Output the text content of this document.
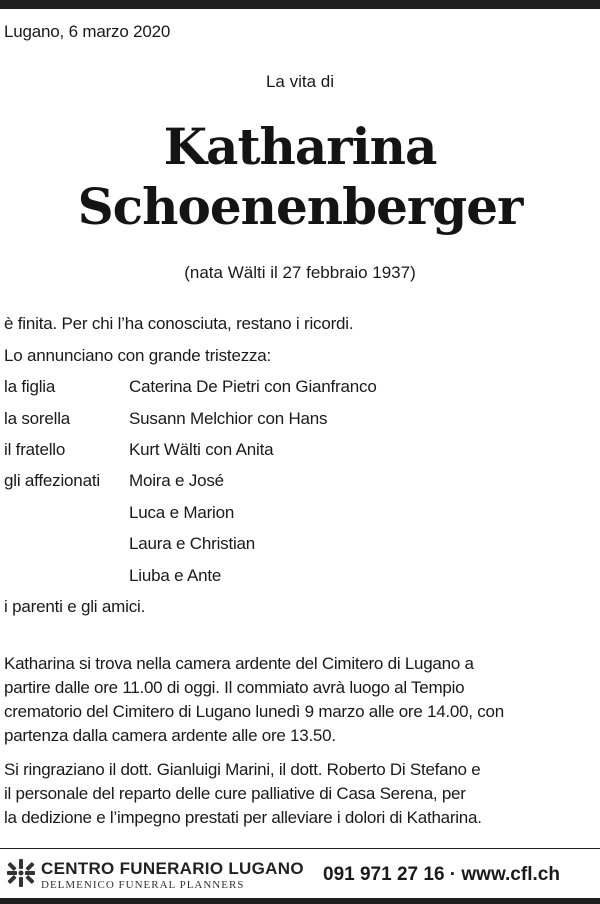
Lugano, 6 marzo 2020
La vita di
Katharina
Schoenenberger
(nata Wälti il 27 febbraio 1937)
è finita. Per chi l’ha conosciuta, restano i ricordi.
Lo annunciano con grande tristezza:
la figlia	Caterina De Pietri con Gianfranco
la sorella	Susann Melchior con Hans
il fratello	Kurt Wälti con Anita
gli affezionati Moira e José
Luca e Marion
Laura e Christian
Liuba e Ante
i parenti e gli amici.
Katharina si trova nella camera ardente del Cimitero di Lugano a
partire dalle ore 11.00 di oggi. Il commiato avrà luogo al Tempio
crematorio del Cimitero di Lugano lunedì 9 marzo alle ore 14.00, con
partenza dalla camera ardente alle ore 13.50.
Si ringraziano il dott. Gianluigi Marini, il dott. Roberto Di Stefano e
il personale del reparto delle cure palliative di Casa Serena, per
la dedizione e l’impegno prestati per alleviare i dolori di Katharina.
CENTRO FUNERARIO LUGANO
DELMENICO FUNERAL PLANNERS	091 971 27 16 · www.cfl.ch
